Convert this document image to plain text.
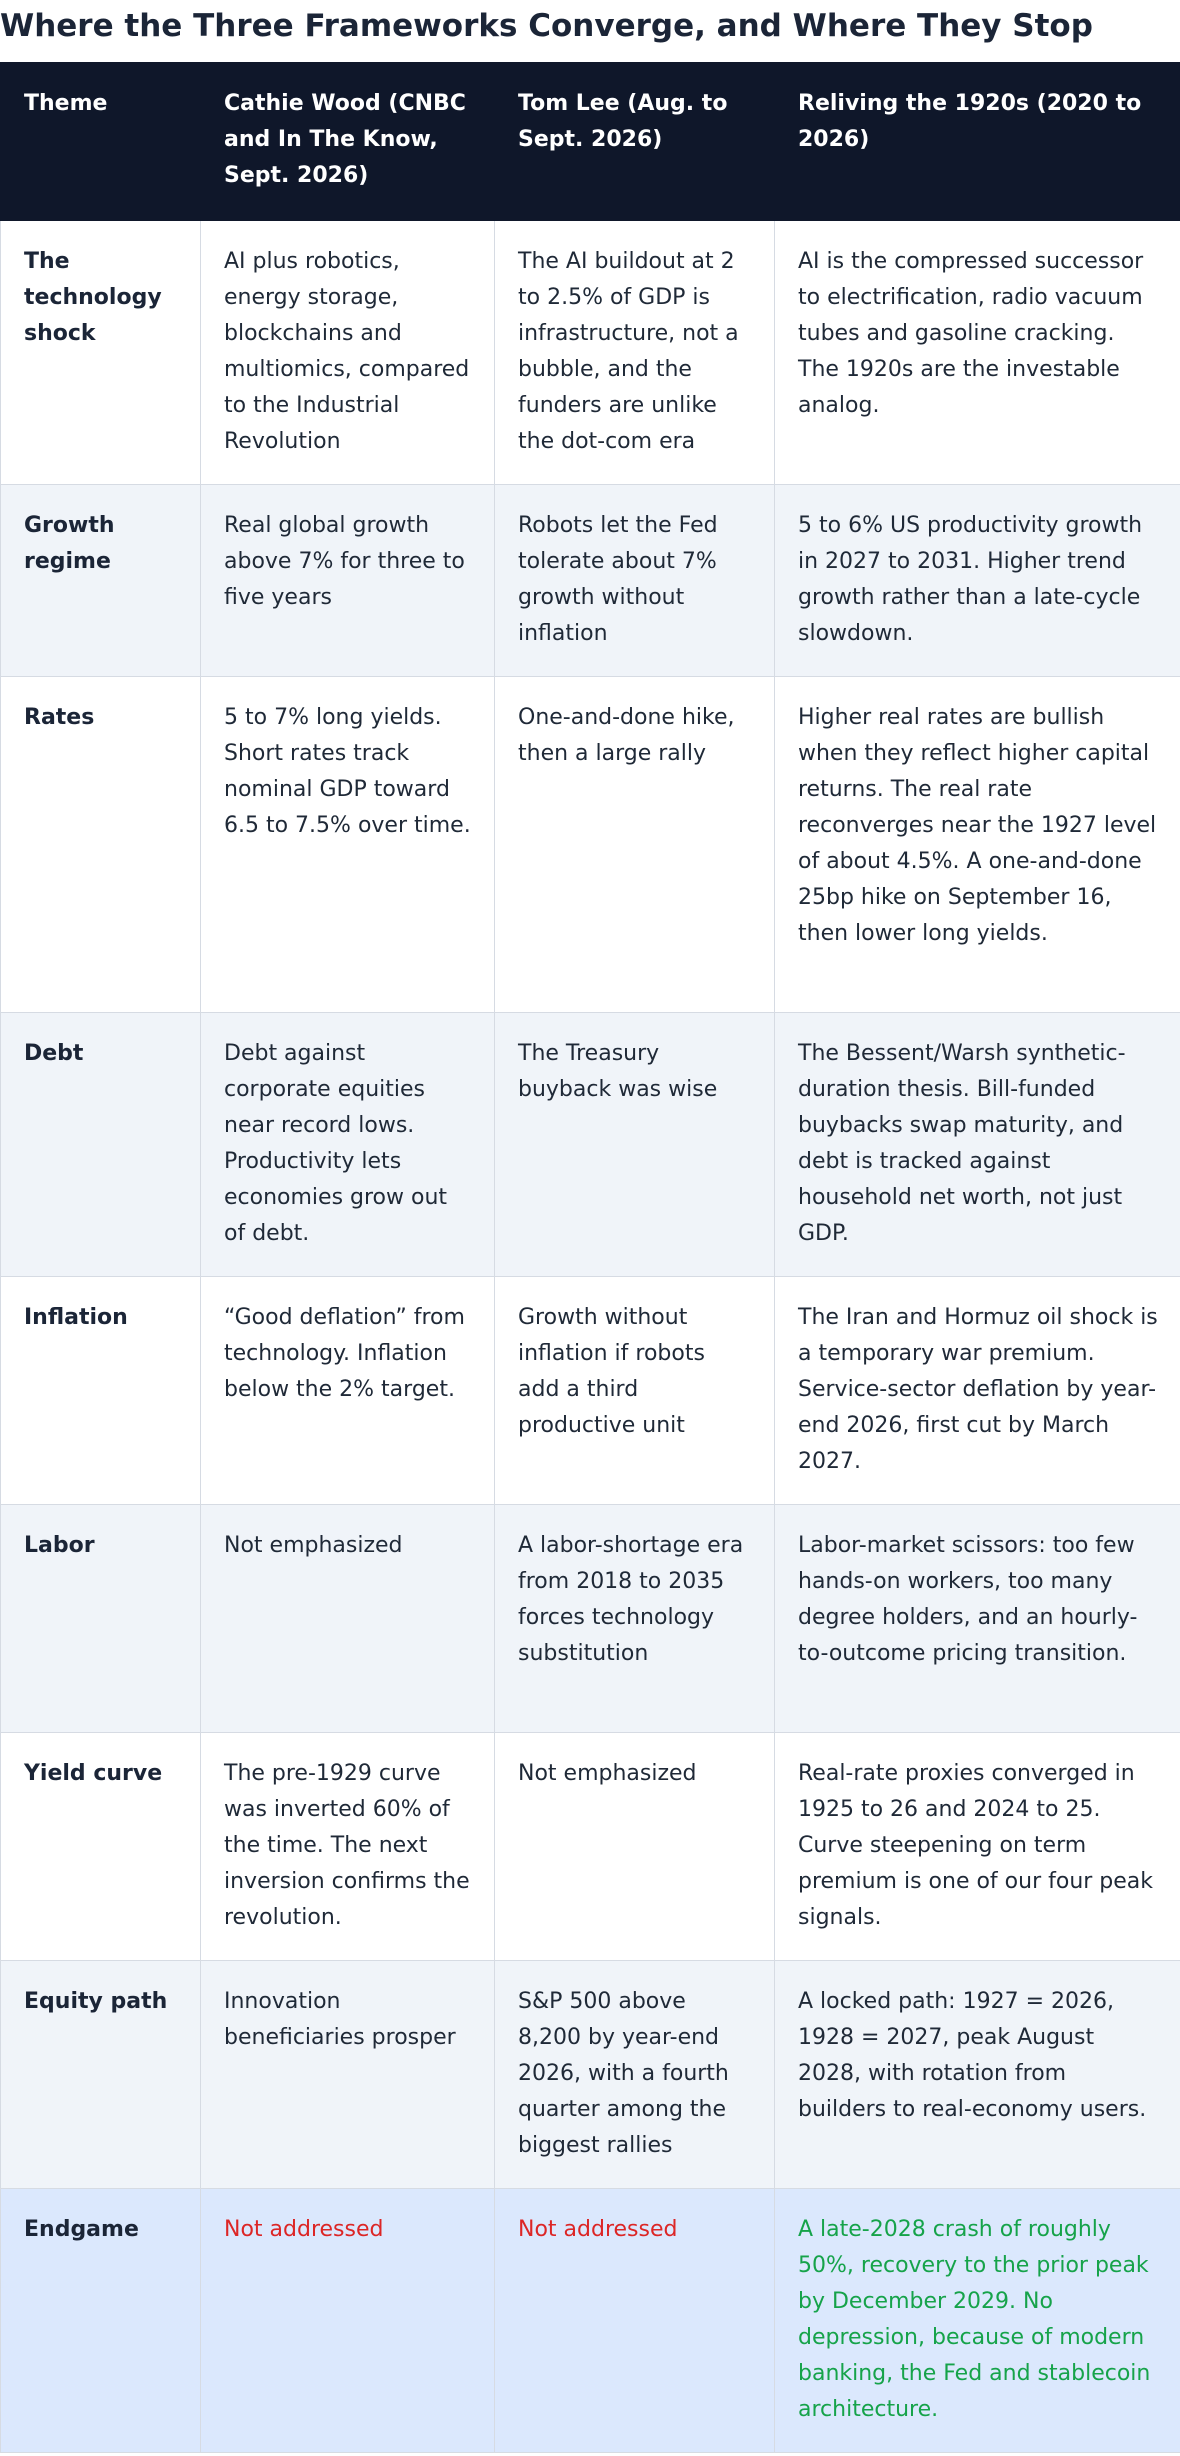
Where the Three Frameworks Converge, and Where They Stop
Theme	Cathie Wood (CNBC and In The Know, Sept. 2026)	Tom Lee (Aug. to Sept. 2026)	Reliving the 1920s (2020 to 2026)
The technology shock	AI plus robotics, energy storage, blockchains and multiomics, compared to the Industrial Revolution	The AI buildout at 2 to 2.5% of GDP is infrastructure, not a bubble, and the funders are unlike the dot-com era	AI is the compressed successor to electrification, radio vacuum tubes and gasoline cracking. The 1920s are the investable analog.
Growth regime	Real global growth above 7% for three to five years	Robots let the Fed tolerate about 7% growth without inflation	5 to 6% US productivity growth in 2027 to 2031. Higher trend growth rather than a late-cycle slowdown.
Rates	5 to 7% long yields. Short rates track nominal GDP toward 6.5 to 7.5% over time.	One-and-done hike, then a large rally	Higher real rates are bullish when they reflect higher capital returns. The real rate reconverges near the 1927 level of about 4.5%. A one-and-done 25bp hike on September 16, then lower long yields.
Debt	Debt against corporate equities near record lows. Productivity lets economies grow out of debt.	The Treasury buyback was wise	The Bessent/Warsh synthetic-duration thesis. Bill-funded buybacks swap maturity, and debt is tracked against household net worth, not just GDP.
Inflation	“Good deflation” from technology. Inflation below the 2% target.	Growth without inflation if robots add a third productive unit	The Iran and Hormuz oil shock is a temporary war premium. Service-sector deflation by year-end 2026, first cut by March 2027.
Labor	Not emphasized	A labor-shortage era from 2018 to 2035 forces technology substitution	Labor-market scissors: too few hands-on workers, too many degree holders, and an hourly-to-outcome pricing transition.
Yield curve	The pre-1929 curve was inverted 60% of the time. The next inversion confirms the revolution.	Not emphasized	Real-rate proxies converged in 1925 to 26 and 2024 to 25. Curve steepening on term premium is one of our four peak signals.
Equity path	Innovation beneficiaries prosper	S&P 500 above 8,200 by year-end 2026, with a fourth quarter among the biggest rallies	A locked path: 1927 = 2026, 1928 = 2027, peak August 2028, with rotation from builders to real-economy users.
Endgame	Not addressed	Not addressed	A late-2028 crash of roughly 50%, recovery to the prior peak by December 2029. No depression, because of modern banking, the Fed and stablecoin architecture.
